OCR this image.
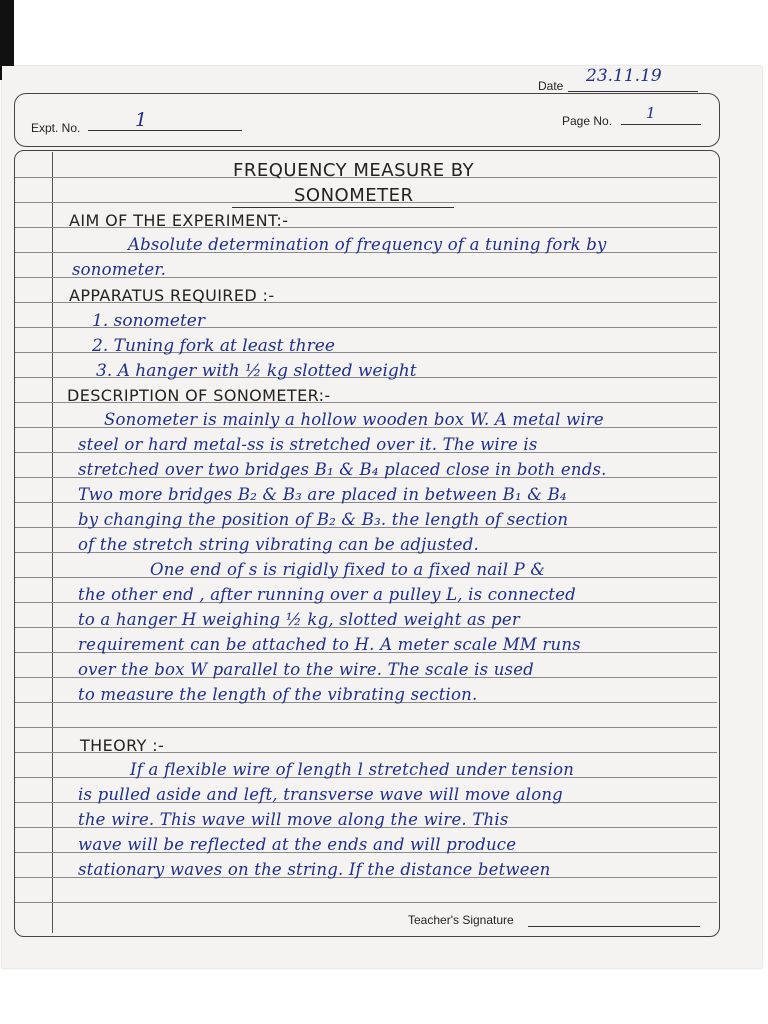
Date 23.11.19
Expt. No.	1	Page No. 1
FREQUENCY MEASURE BY
SONOMETER
AIM OF THE EXPERIMENT:-
Absolute determination of frequency of a tuning fork by
sonometer.
APPARATUS REQUIRED :-
1. sonometer
2. Tuning fork at least three
3. A hanger with ½ kg slotted weight
DESCRIPTION OF SONOMETER:-
Sonometer is mainly a hollow wooden box W. A metal wire
steel or hard metal-ss is stretched over it. The wire is
stretched over two bridges B₁ & B₄ placed close in both ends.
Two more bridges B₂ & B₃ are placed in between B₁ & B₄
by changing the position of B₂ & B₃. the length of section
of the stretch string vibrating can be adjusted.
One end of s is rigidly fixed to a fixed nail P &
the other end , after running over a pulley L, is connected
to a hanger H weighing ½ kg, slotted weight as per
requirement can be attached to H. A meter scale MM runs
over the box W parallel to the wire. The scale is used
to measure the length of the vibrating section.
THEORY :-
If a flexible wire of length l stretched under tension
is pulled aside and left, transverse wave will move along
the wire. This wave will move along the wire. This
wave will be reflected at the ends and will produce
stationary waves on the string. If the distance between
Teacher's Signature
